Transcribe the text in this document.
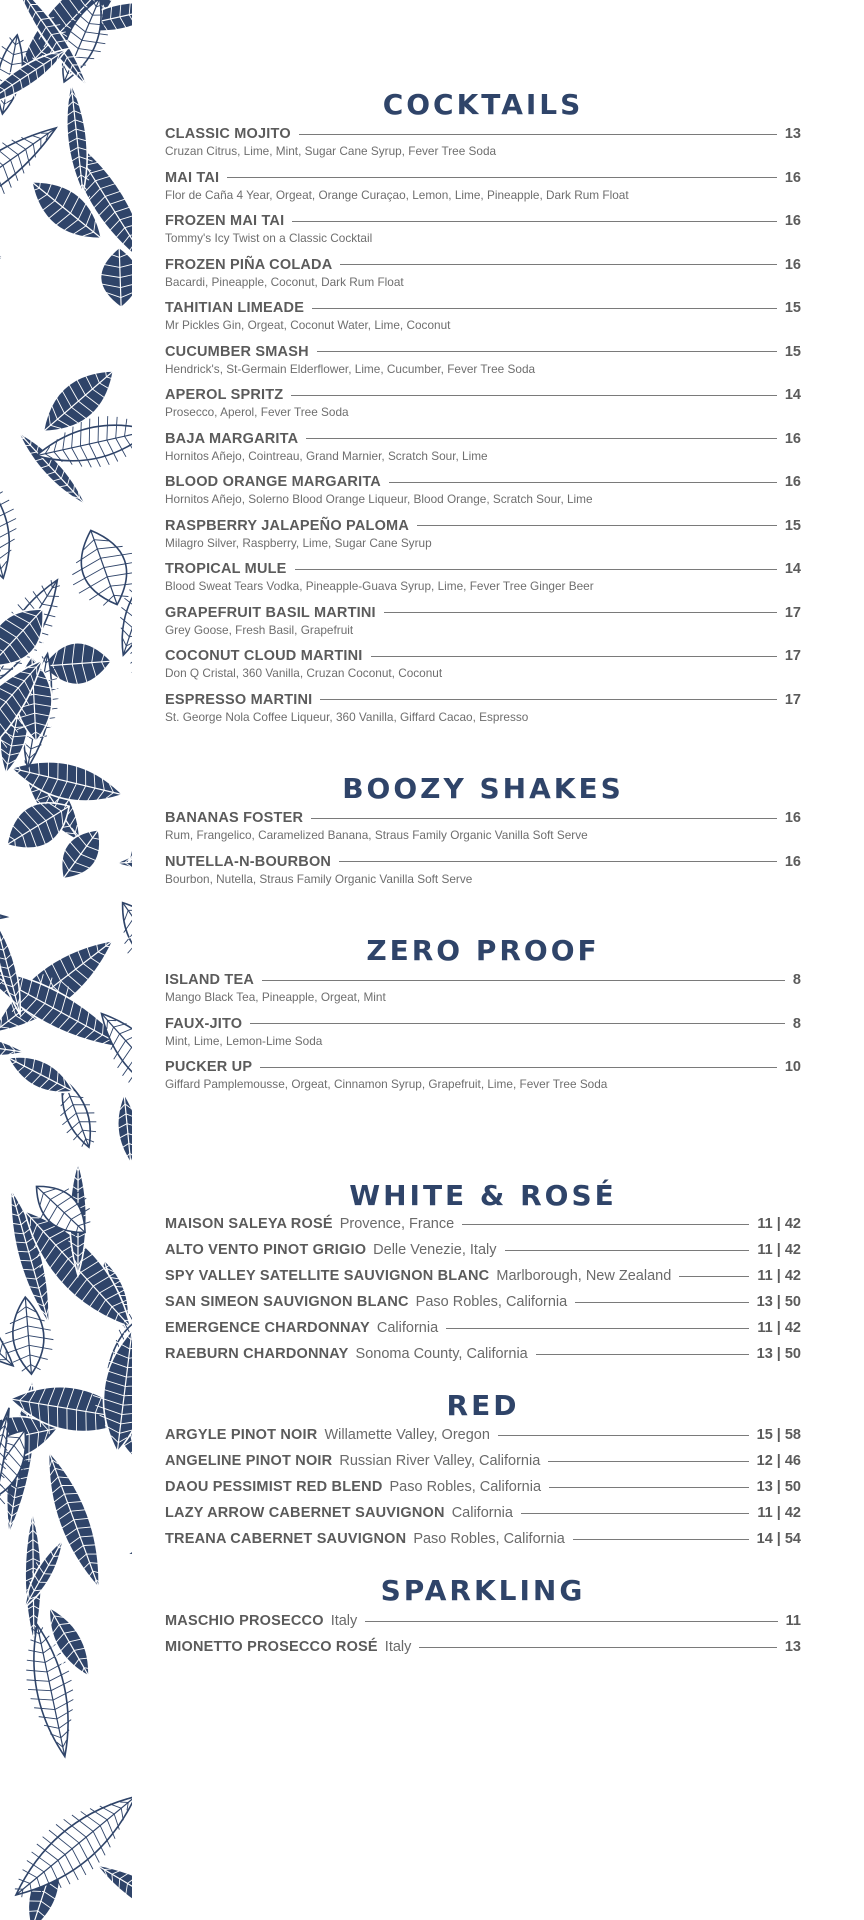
COCKTAILS
CLASSIC MOJITO	13
Cruzan Citrus, Lime, Mint, Sugar Cane Syrup, Fever Tree Soda
MAI TAI	16
Flor de Caña 4 Year, Orgeat, Orange Curaçao, Lemon, Lime, Pineapple, Dark Rum Float
FROZEN MAI TAI	16
Tommy's Icy Twist on a Classic Cocktail
FROZEN PIÑA COLADA	16
Bacardi, Pineapple, Coconut, Dark Rum Float
TAHITIAN LIMEADE	15
Mr Pickles Gin, Orgeat, Coconut Water, Lime, Coconut
CUCUMBER SMASH	15
Hendrick's, St-Germain Elderflower, Lime, Cucumber, Fever Tree Soda
APEROL SPRITZ	14
Prosecco, Aperol, Fever Tree Soda
BAJA MARGARITA	16
Hornitos Añejo, Cointreau, Grand Marnier, Scratch Sour, Lime
BLOOD ORANGE MARGARITA	16
Hornitos Añejo, Solerno Blood Orange Liqueur, Blood Orange, Scratch Sour, Lime
RASPBERRY JALAPEÑO PALOMA	15
Milagro Silver, Raspberry, Lime, Sugar Cane Syrup
TROPICAL MULE	14
Blood Sweat Tears Vodka, Pineapple-Guava Syrup, Lime, Fever Tree Ginger Beer
GRAPEFRUIT BASIL MARTINI	17
Grey Goose, Fresh Basil, Grapefruit
COCONUT CLOUD MARTINI	17
Don Q Cristal, 360 Vanilla, Cruzan Coconut, Coconut
ESPRESSO MARTINI	17
St. George Nola Coffee Liqueur, 360 Vanilla, Giffard Cacao, Espresso
BOOZY SHAKES
BANANAS FOSTER	16
Rum, Frangelico, Caramelized Banana, Straus Family Organic Vanilla Soft Serve
NUTELLA-N-BOURBON	16
Bourbon, Nutella, Straus Family Organic Vanilla Soft Serve
ZERO PROOF
ISLAND TEA	8
Mango Black Tea, Pineapple, Orgeat, Mint
FAUX-JITO	8
Mint, Lime, Lemon-Lime Soda
PUCKER UP	10
Giffard Pamplemousse, Orgeat, Cinnamon Syrup, Grapefruit, Lime, Fever Tree Soda
WHITE & ROSÉ
MAISON SALEYA ROSÉ Provence, France	11 | 42
ALTO VENTO PINOT GRIGIO Delle Venezie, Italy	11 | 42
SPY VALLEY SATELLITE SAUVIGNON BLANC Marlborough, New Zealand	11 | 42
SAN SIMEON SAUVIGNON BLANC Paso Robles, California	13 | 50
EMERGENCE CHARDONNAY California	11 | 42
RAEBURN CHARDONNAY Sonoma County, California	13 | 50
RED
ARGYLE PINOT NOIR Willamette Valley, Oregon	15 | 58
ANGELINE PINOT NOIR Russian River Valley, California	12 | 46
DAOU PESSIMIST RED BLEND Paso Robles, California	13 | 50
LAZY ARROW CABERNET SAUVIGNON California	11 | 42
TREANA CABERNET SAUVIGNON Paso Robles, California	14 | 54
SPARKLING
MASCHIO PROSECCO Italy	11
MIONETTO PROSECCO ROSÉ Italy	13
